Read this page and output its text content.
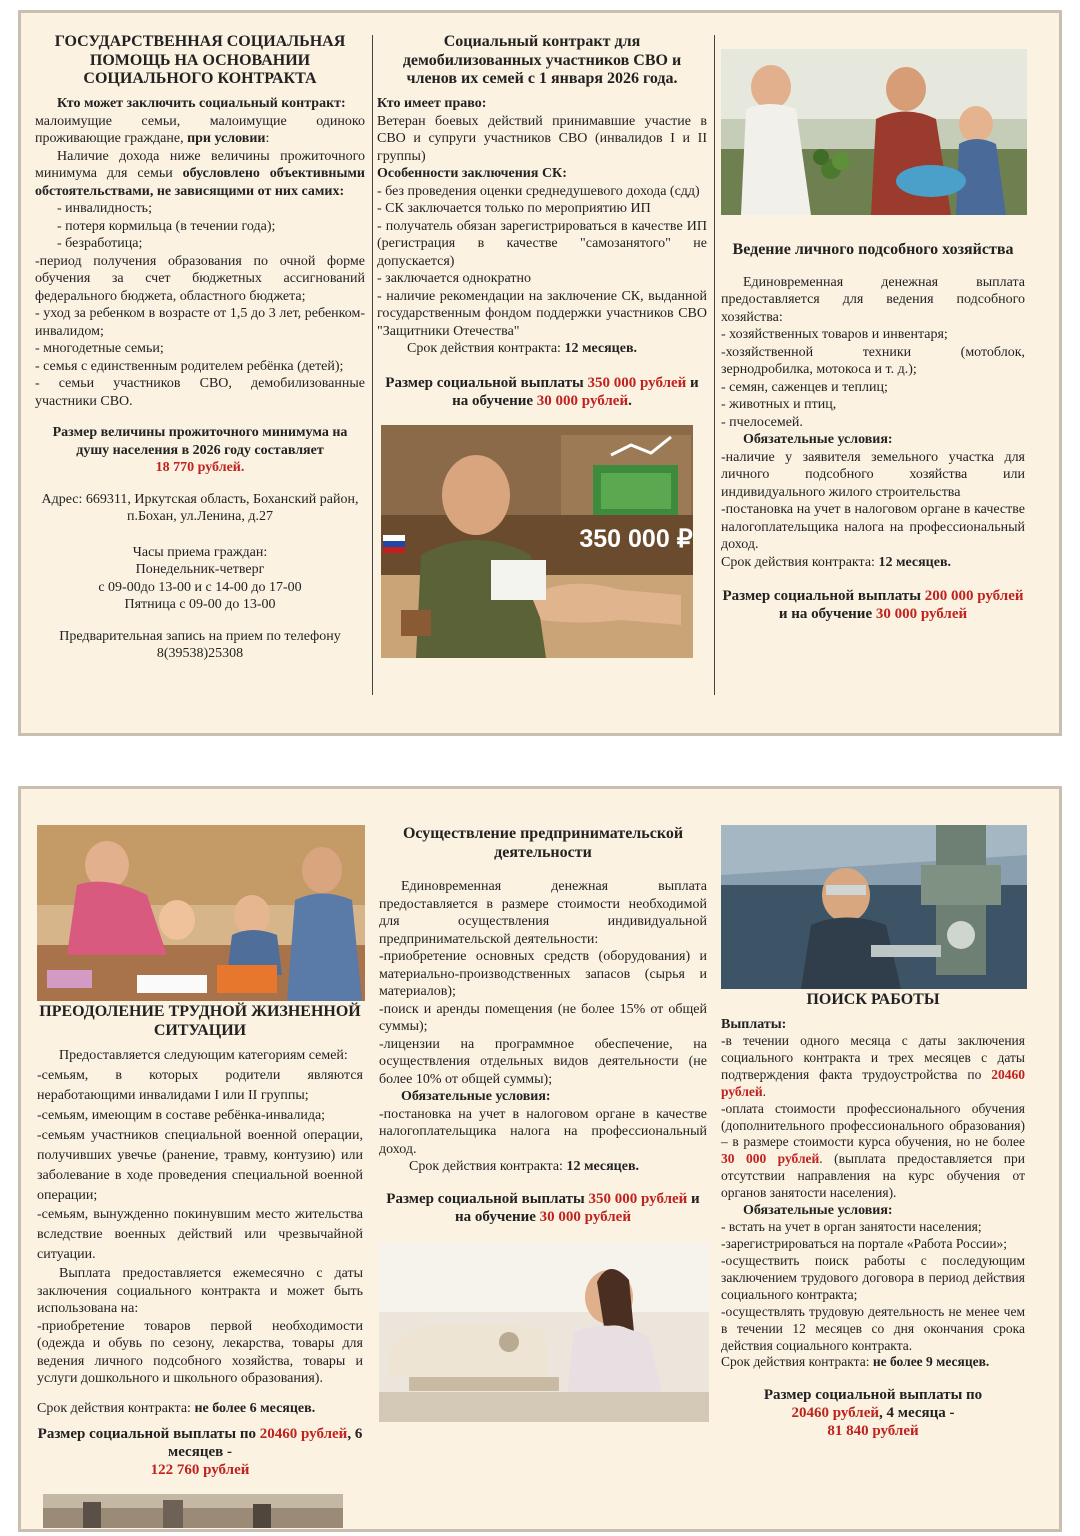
ГОСУДАРСТВЕННАЯ СОЦИАЛЬНАЯ ПОМОЩЬ НА ОСНОВАНИИ СОЦИАЛЬНОГО КОНТРАКТА

Кто может заключить социальный контракт:

малоимущие семьи, малоимущие одиноко проживающие граждане, при условии:

Наличие дохода ниже величины прожиточного минимума для семьи обусловлено объективными обстоятельствами, не зависящими от них самих:

- инвалидность;

- потеря кормильца (в течении года);

- безработица;

-период получения образования по очной форме обучения за счет бюджетных ассигнований федерального бюджета, областного бюджета;

- уход за ребенком в возрасте от 1,5 до 3 лет, ребенком-инвалидом;

- многодетные семьи;

- семья с единственным родителем ребёнка (детей);

- семьи участников СВО, демобилизованные участники СВО.

Размер величины прожиточного минимума на душу населения в 2026 году составляет

18 770 рублей.

Адрес: 669311, Иркутская область, Боханский район, п.Бохан, ул.Ленина, д.27

Часы приема граждан:

Понедельник-четверг

с 09-00до 13-00 и с 14-00 до 17-00

Пятница с 09-00 до 13-00

Предварительная запись на прием по телефону 8(39538)25308

Социальный контракт для демобилизованных участников СВО и членов их семей с 1 января 2026 года.

Кто имеет право:

Ветеран боевых действий принимавшие участие в СВО и супруги участников СВО (инвалидов I и II группы)

Особенности заключения СК:

- без проведения оценки среднедушевого дохода (сдд)

- СК заключается только по мероприятию ИП

- получатель обязан зарегистрироваться в качестве ИП (регистрация в качестве "самозанятого" не допускается)

- заключается однократно

- наличие рекомендации на заключение СК, выданной государственным фондом поддержки участников СВО "Защитники Отечества"

Срок действия контракта: 12 месяцев.

Размер социальной выплаты 350 000 рублей и на обучение 30 000 рублей.

350 000 ₽
Ведение личного подсобного хозяйства

Единовременная денежная выплата предоставляется для ведения подсобного хозяйства:

- хозяйственных товаров и инвентаря;

-хозяйственной техники (мотоблок, зернодробилка, мотокоса и т. д.);

- семян, саженцев и теплиц;

- животных и птиц,

- пчелосемей.

Обязательные условия:

-наличие у заявителя земельного участка для личного подсобного хозяйства или индивидуального жилого строительства

-постановка на учет в налоговом органе в качестве налогоплательщика налога на профессиональный доход.

Срок действия контракта: 12 месяцев.

Размер социальной выплаты 200 000 рублей и на обучение 30 000 рублей

ПРЕОДОЛЕНИЕ ТРУДНОЙ ЖИЗНЕННОЙ СИТУАЦИИ

Предоставляется следующим категориям семей:

-семьям, в которых родители являются неработающими инвалидами I или II группы;

-семьям, имеющим в составе ребёнка-инвалида;

-семьям участников специальной военной операции, получивших увечье (ранение, травму, контузию) или заболевание в ходе проведения специальной военной операции;

-семьям, вынужденно покинувшим место жительства вследствие военных действий или чрезвычайной ситуации.

Выплата предоставляется ежемесячно с даты заключения социального контракта и может быть использована на:

-приобретение товаров первой необходимости (одежда и обувь по сезону, лекарства, товары для ведения личного подсобного хозяйства, товары и услуги дошкольного и школьного образования).

Срок действия контракта: не более 6 месяцев.

Размер социальной выплаты по 20460 рублей, 6 месяцев -
122 760 рублей

Осуществление предпринимательской деятельности

Единовременная денежная выплата предоставляется в размере стоимости необходимой для осуществления индивидуальной предпринимательской деятельности:

-приобретение основных средств (оборудования) и материально-производственных запасов (сырья и материалов);

-поиск и аренды помещения (не более 15% от общей суммы);

-лицензии на программное обеспечение, на осуществления отдельных видов деятельности (не более 10% от общей суммы);

Обязательные условия:

-постановка на учет в налоговом органе в качестве налогоплательщика налога на профессиональный доход.

Срок действия контракта: 12 месяцев.

Размер социальной выплаты 350 000 рублей и на обучение 30 000 рублей

ПОИСК РАБОТЫ

Выплаты:

-в течении одного месяца с даты заключения социального контракта и трех месяцев с даты подтверждения факта трудоустройства по 20460 рублей.

-оплата стоимости профессионального обучения (дополнительного профессионального образования) – в размере стоимости курса обучения, но не более 30 000 рублей. (выплата предоставляется при отсутствии направления на курс обучения от органов занятости населения).

Обязательные условия:

- встать на учет в орган занятости населения;

-зарегистрироваться на портале «Работа России»;

-осуществить поиск работы с последующим заключением трудового договора в период действия социального контракта;

-осуществлять трудовую деятельность не менее чем в течении 12 месяцев со дня окончания срока действия социального контракта.

Срок действия контракта: не более 9 месяцев.

Размер социальной выплаты по
20460 рублей, 4 месяца -
81 840 рублей
